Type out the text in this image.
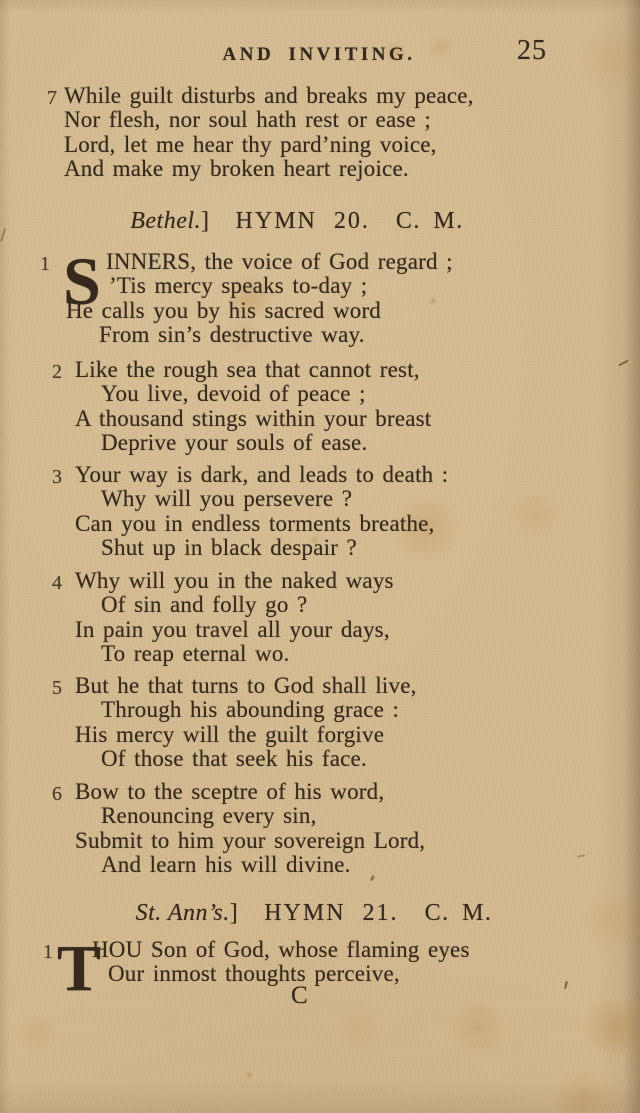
AND INVITING.	25
7 While guilt disturbs and breaks my peace,
Nor flesh, nor soul hath rest or ease ;
Lord, let me hear thy pard’ning voice,
And make my broken heart rejoice.
Bethel.] HYMN 20. C. M.
1 S INNERS, the voice of God regard ;
’Tis mercy speaks to-day ;
He calls you by his sacred word
From sin’s destructive way.
2 Like the rough sea that cannot rest,
You live, devoid of peace ;
A thousand stings within your breast
Deprive your souls of ease.
3 Your way is dark, and leads to death :
Why will you persevere ?
Can you in endless torments breathe,
Shut up in black despair ?
4 Why will you in the naked ways
Of sin and folly go ?
In pain you travel all your days,
To reap eternal wo.
5 But he that turns to God shall live,
Through his abounding grace :
His mercy will the guilt forgive
Of those that seek his face.
6 Bow to the sceptre of his word,
Renouncing every sin,
Submit to him your sovereign Lord,
And learn his will divine.
St. Ann’s.] HYMN 21. C. M.
1 T
HOU Son of God, whose flaming eyes
Our inmost thoughts perceive,
C
